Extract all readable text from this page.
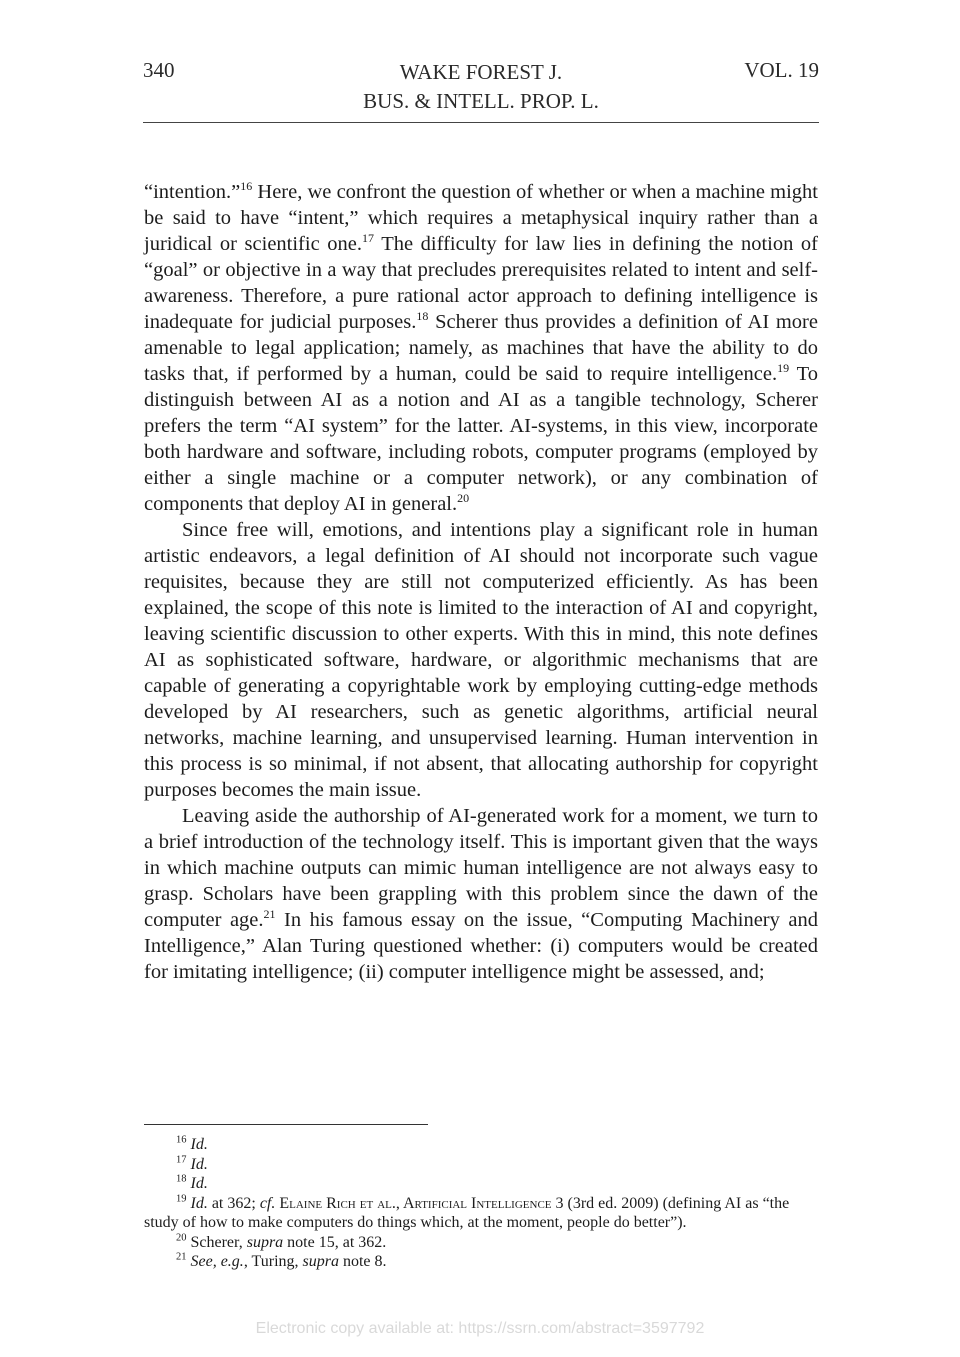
340	WAKE FOREST J.
BUS. & INTELL. PROP. L.
VOL. 19

“intention.”$^{16}$ Here, we confront the question of whether or when a machine might be said to have “intent,” which requires a metaphysical inquiry rather than a juridical or scientific one.$^{17}$ The difficulty for law lies in defining the notion of “goal” or objective in a way that precludes prerequisites related to intent and self-awareness. Therefore, a pure rational actor approach to defining intelligence is inadequate for judicial purposes.$^{18}$ Scherer thus provides a definition of AI more amenable to legal application; namely, as machines that have the ability to do tasks that, if performed by a human, could be said to require intelligence.$^{19}$ To distinguish between AI as a notion and AI as a tangible technology, Scherer prefers the term “AI system” for the latter. AI-systems, in this view, incorporate both hardware and software, including robots, computer programs (employed by either a single machine or a computer network), or any combination of components that deploy AI in general.$^{20}$

Since free will, emotions, and intentions play a significant role in human artistic endeavors, a legal definition of AI should not incorporate such vague requisites, because they are still not computerized efficiently. As has been explained, the scope of this note is limited to the interaction of AI and copyright, leaving scientific discussion to other experts. With this in mind, this note defines AI as sophisticated software, hardware, or algorithmic mechanisms that are capable of generating a copyrightable work by employing cutting-edge methods developed by AI researchers, such as genetic algorithms, artificial neural networks, machine learning, and unsupervised learning. Human intervention in this process is so minimal, if not absent, that allocating authorship for copyright purposes becomes the main issue.

Leaving aside the authorship of AI-generated work for a moment, we turn to a brief introduction of the technology itself. This is important given that the ways in which machine outputs can mimic human intelligence are not always easy to grasp. Scholars have been grappling with this problem since the dawn of the computer age.$^{21}$ In his famous essay on the issue, “Computing Machinery and Intelligence,” Alan Turing questioned whether: (i) computers would be created for imitating intelligence; (ii) computer intelligence might be assessed, and;

$^{16}$ Id.

$^{17}$ Id.

$^{18}$ Id.

$^{19}$ Id. at 362; cf. Elaine Rich et al., Artificial Intelligence 3 (3rd ed. 2009) (defining AI as “the study of how to make computers do things which, at the moment, people do better”).

$^{20}$ Scherer, supra note 15, at 362.

$^{21}$ See, e.g., Turing, supra note 8.

Electronic copy available at: https://ssrn.com/abstract=3597792
